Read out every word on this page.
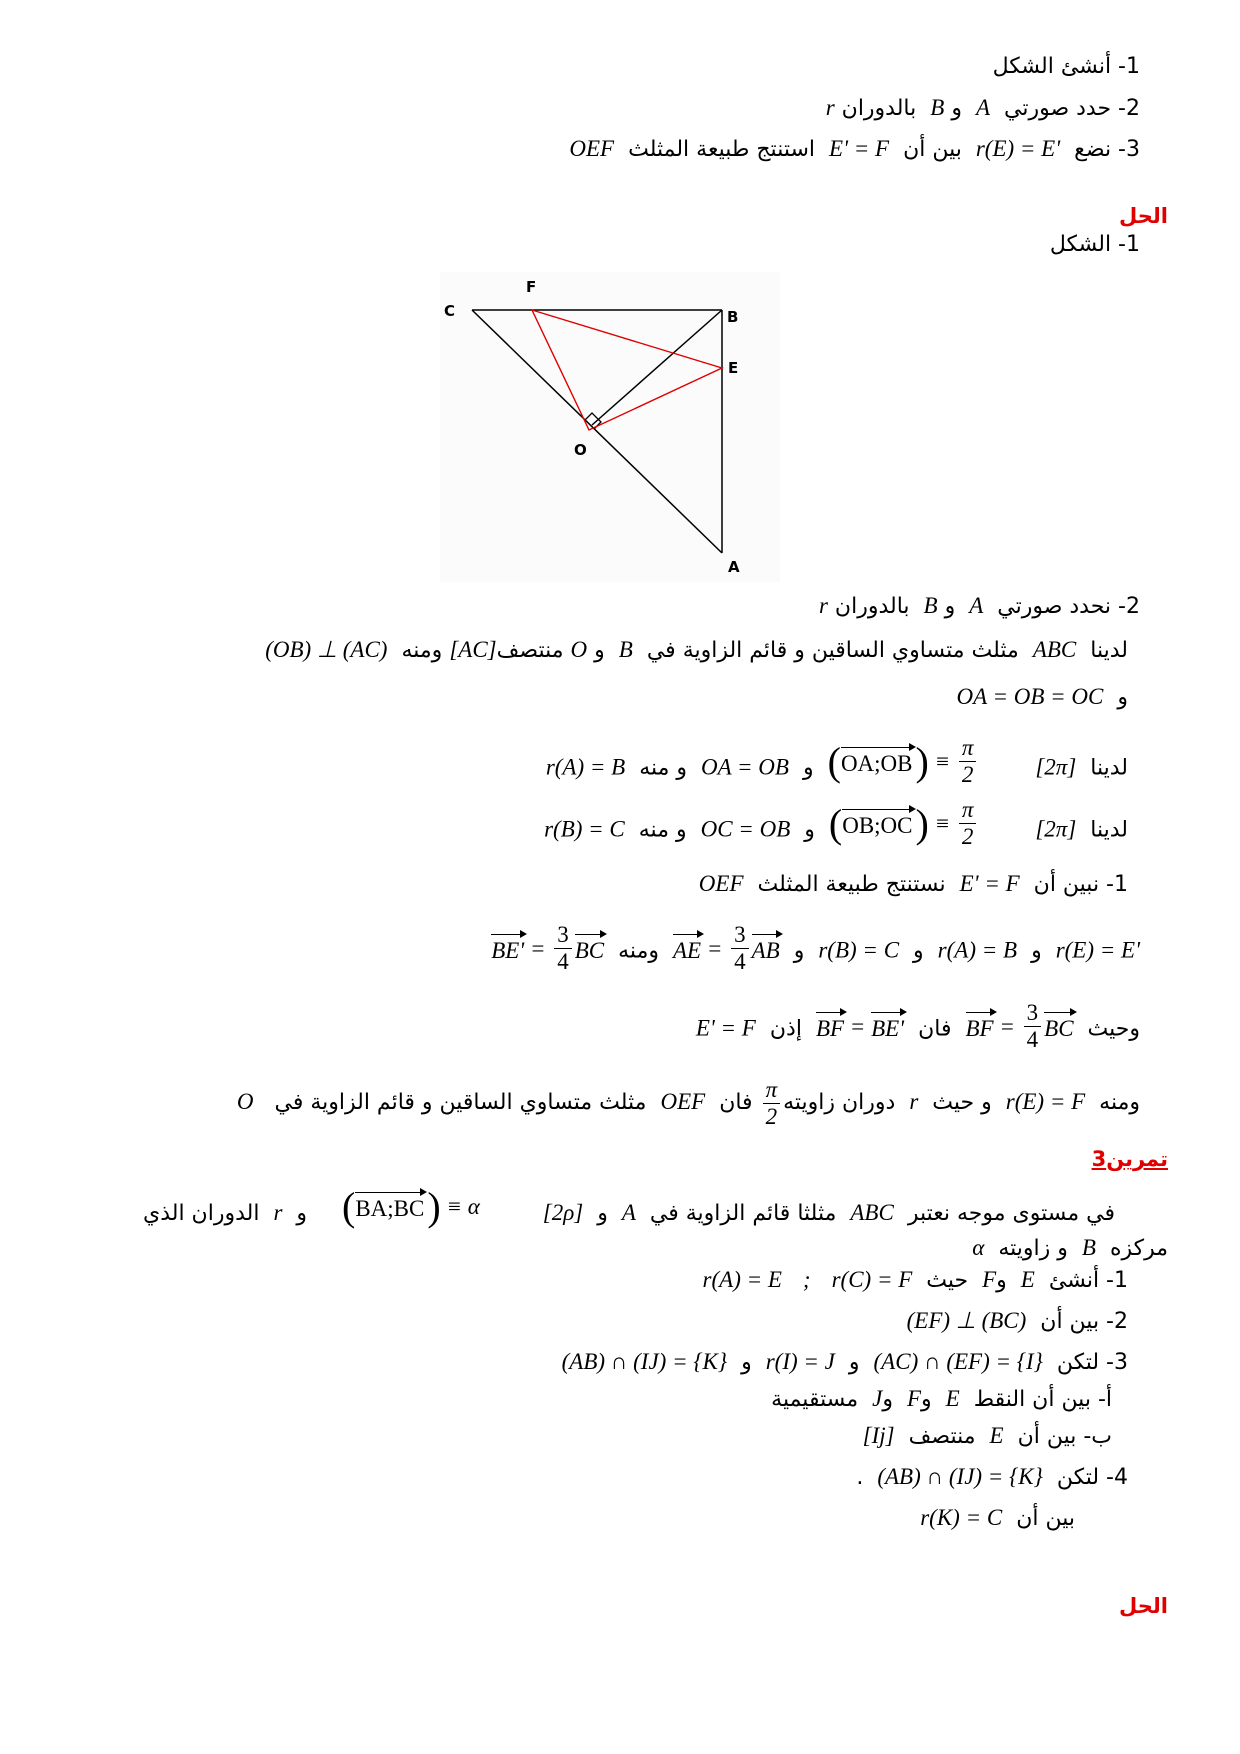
1- أنشئ الشكل
2- حدد صورتي  A  و B  بالدوران r
3- نضع  r(E) = E'  بين أن  E' = F  استنتج طبيعة المثلث  OEF
الحل
1- الشكل
C
F
B
E
O
A
2- نحدد صورتي  A  و B  بالدوران r
لدينا  ABC  مثلث متساوي الساقين و قائم الزاوية في  B  و O منتصف[AC] ومنه  (OB) ⊥ (AC)
و  OA = OB = OC
لدينا  [2π]
( OA;OB )
≡

π
2
و  OA = OB  و منه  r(A) = B
لدينا  [2π]
( OB;OC )
≡

π
2
و  OC = OB  و منه  r(B) = C
1- نبين أن  E' = F  نستنتج طبيعة المثلث  OEF
r(E) = E'  و  r(A) = B  و  r(B) = C  و
AE
=
$\frac{3}{4}$ AB
ومنه
BE'
=
$\frac{3}{4}$ BC
وحيث
BF
=
$\frac{3}{4}$ BC
فان
BF
=
BE'
إذن  E' = F
ومنه  r(E) = F  و حيث  r  دوران زاويته
$\frac{\pi}{2}$
فان  OEF  مثلث متساوي الساقين و قائم الزاوية في   O
تمرين3
في مستوى موجه نعتبر  ABC  مثلثا قائم الزاوية في  A  و  [2ρ]
( BA;BC )
≡
α
و  r  الدوران الذي
مركزه  B  و زاويته  α
1- أنشئ  E  وF  حيث  r(C) = F   ;   r(A) = E
2- بين أن  (EF) ⊥ (BC)
3- لتكن  (AC) ∩ (EF) = {I}  و  r(I) = J  و  (AB) ∩ (IJ) = {K}
أ- بين أن النقط  E  وF  وJ  مستقيمية
ب- بين أن  E  منتصف  [Ij]
4- لتكن  (AB) ∩ (IJ) = {K}  .
بين أن  r(K) = C
الحل
